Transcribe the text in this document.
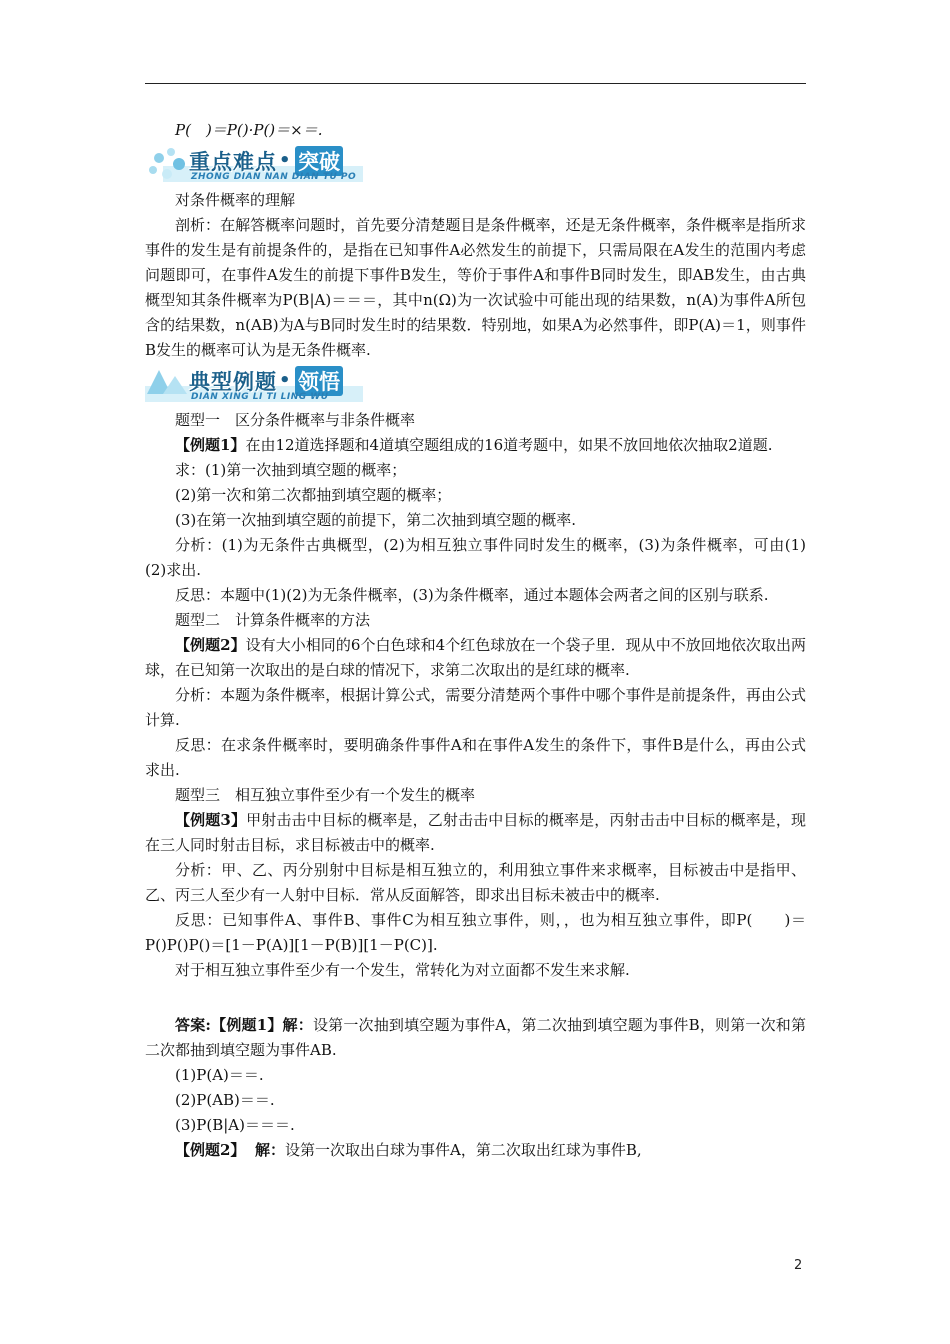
P(　)＝P()·P()＝×＝.

重点难点 • 突破
ZHONG DIAN NAN DIAN TU PO

对条件概率的理解

剖析：在解答概率问题时，首先要分清楚题目是条件概率，还是无条件概率，条件概率是指所求事件的发生是有前提条件的，是指在已知事件A必然发生的前提下，只需局限在A发生的范围内考虑问题即可，在事件A发生的前提下事件B发生，等价于事件A和事件B同时发生，即AB发生，由古典概型知其条件概率为P(B|A)＝＝＝，其中n(Ω)为一次试验中可能出现的结果数，n(A)为事件A所包含的结果数，n(AB)为A与B同时发生时的结果数．特别地，如果A为必然事件，即P(A)＝1，则事件B发生的概率可认为是无条件概率.

典型例题 • 领悟
DIAN XING LI TI LING WU

题型一　区分条件概率与非条件概率

【例题1】在由12道选择题和4道填空题组成的16道考题中，如果不放回地依次抽取2道题.

求：(1)第一次抽到填空题的概率；

(2)第一次和第二次都抽到填空题的概率；

(3)在第一次抽到填空题的前提下，第二次抽到填空题的概率.

分析：(1)为无条件古典概型，(2)为相互独立事件同时发生的概率，(3)为条件概率，可由(1)(2)求出.

反思：本题中(1)(2)为无条件概率，(3)为条件概率，通过本题体会两者之间的区别与联系.

题型二　计算条件概率的方法

【例题2】设有大小相同的6个白色球和4个红色球放在一个袋子里．现从中不放回地依次取出两球，在已知第一次取出的是白球的情况下，求第二次取出的是红球的概率.

分析：本题为条件概率，根据计算公式，需要分清楚两个事件中哪个事件是前提条件，再由公式计算.

反思：在求条件概率时，要明确条件事件A和在事件A发生的条件下，事件B是什么，再由公式求出.

题型三　相互独立事件至少有一个发生的概率

【例题3】甲射击击中目标的概率是，乙射击击中目标的概率是，丙射击击中目标的概率是，现在三人同时射击目标，求目标被击中的概率.

分析：甲、乙、丙分别射中目标是相互独立的，利用独立事件来求概率，目标被击中是指甲、乙、丙三人至少有一人射中目标．常从反面解答，即求出目标未被击中的概率.

反思：已知事件A、事件B、事件C为相互独立事件，则，，也为相互独立事件，即P(　　)＝P()P()P()＝[1－P(A)][1－P(B)][1－P(C)].

对于相互独立事件至少有一个发生，常转化为对立面都不发生来求解.

答案:【例题1】解：设第一次抽到填空题为事件A，第二次抽到填空题为事件B，则第一次和第二次都抽到填空题为事件AB.

(1)P(A)＝＝.

(2)P(AB)＝＝.

(3)P(B|A)＝＝＝.

【例题2】 解：设第一次取出白球为事件A，第二次取出红球为事件B,

2
